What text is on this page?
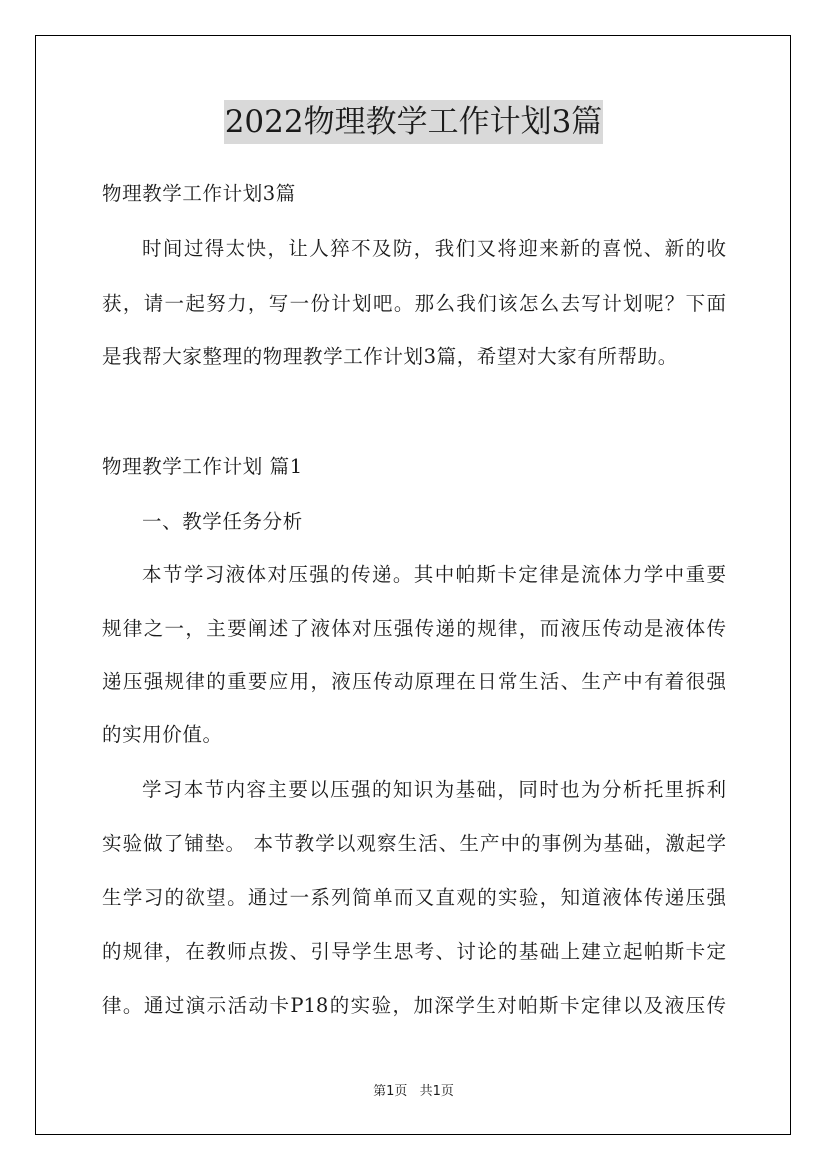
2022物理教学工作计划3篇
物理教学工作计划3篇
时间过得太快，让人猝不及防，我们又将迎来新的喜悦、新的收
获，请一起努力，写一份计划吧。那么我们该怎么去写计划呢？下面
是我帮大家整理的物理教学工作计划3篇，希望对大家有所帮助。
物理教学工作计划 篇1
一、教学任务分析
本节学习液体对压强的传递。其中帕斯卡定律是流体力学中重要
规律之一，主要阐述了液体对压强传递的规律，而液压传动是液体传
递压强规律的重要应用，液压传动原理在日常生活、生产中有着很强
的实用价值。
学习本节内容主要以压强的知识为基础，同时也为分析托里拆利
实验做了铺垫。 本节教学以观察生活、生产中的事例为基础，激起学
生学习的欲望。通过一系列简单而又直观的实验，知道液体传递压强
的规律，在教师点拨、引导学生思考、讨论的基础上建立起帕斯卡定
律。通过演示活动卡P18的实验，加深学生对帕斯卡定律以及液压传
第1页 共1页
